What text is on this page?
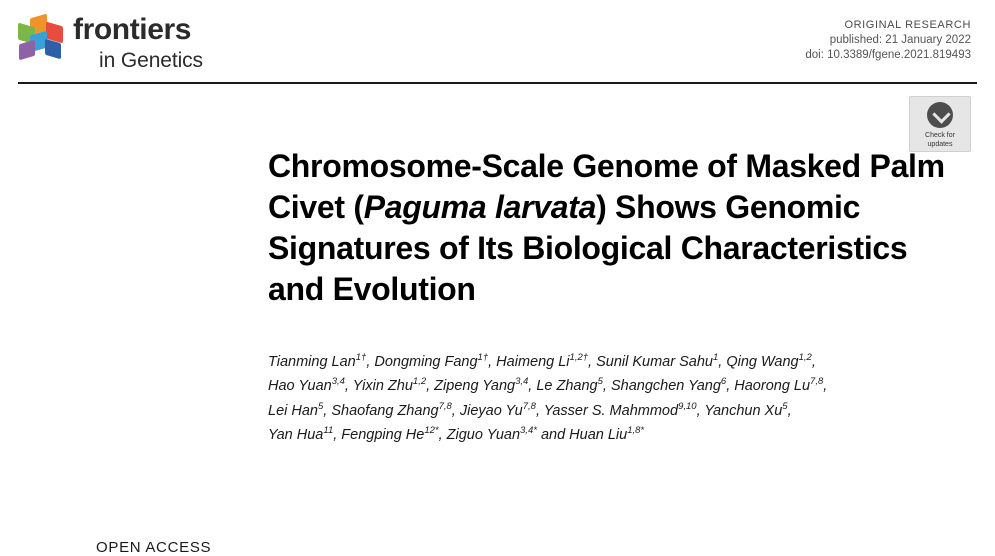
frontiers
in Genetics
ORIGINAL RESEARCH
published: 21 January 2022
doi: 10.3389/fgene.2021.819493
Check for
updates
OPEN ACCESS
Chromosome-Scale Genome of Masked Palm Civet (Paguma larvata) Shows Genomic Signatures of Its Biological Characteristics and Evolution
Tianming Lan$^{1\dagger}$, Dongming Fang$^{1\dagger}$, Haimeng $Li^{1,2\dagger}$, Sunil Kumar Sahu$^1$, Qing Wang$^{1,2}$,
Hao Yuan$^{3,4}$, Yixin Zhu$^{1,2}$, Zipeng Yang$^{3,4}$, Le Zhang$^5$, Shangchen Yang$^6$, Haorong Lu$^{7,8}$,
Lei Han$^5$, Shaofang Zhang$^{7,8}$, Jieyao Yu$^{7,8}$, Yasser S. Mahmmod$^{9,10}$, Yanchun Xu$^5$,
Yan Hua$^{11}$, Fengping $He^{12*}$, Ziguo Yuan$^{3,4*}$ and Huan Liu$^{1,8*}$
